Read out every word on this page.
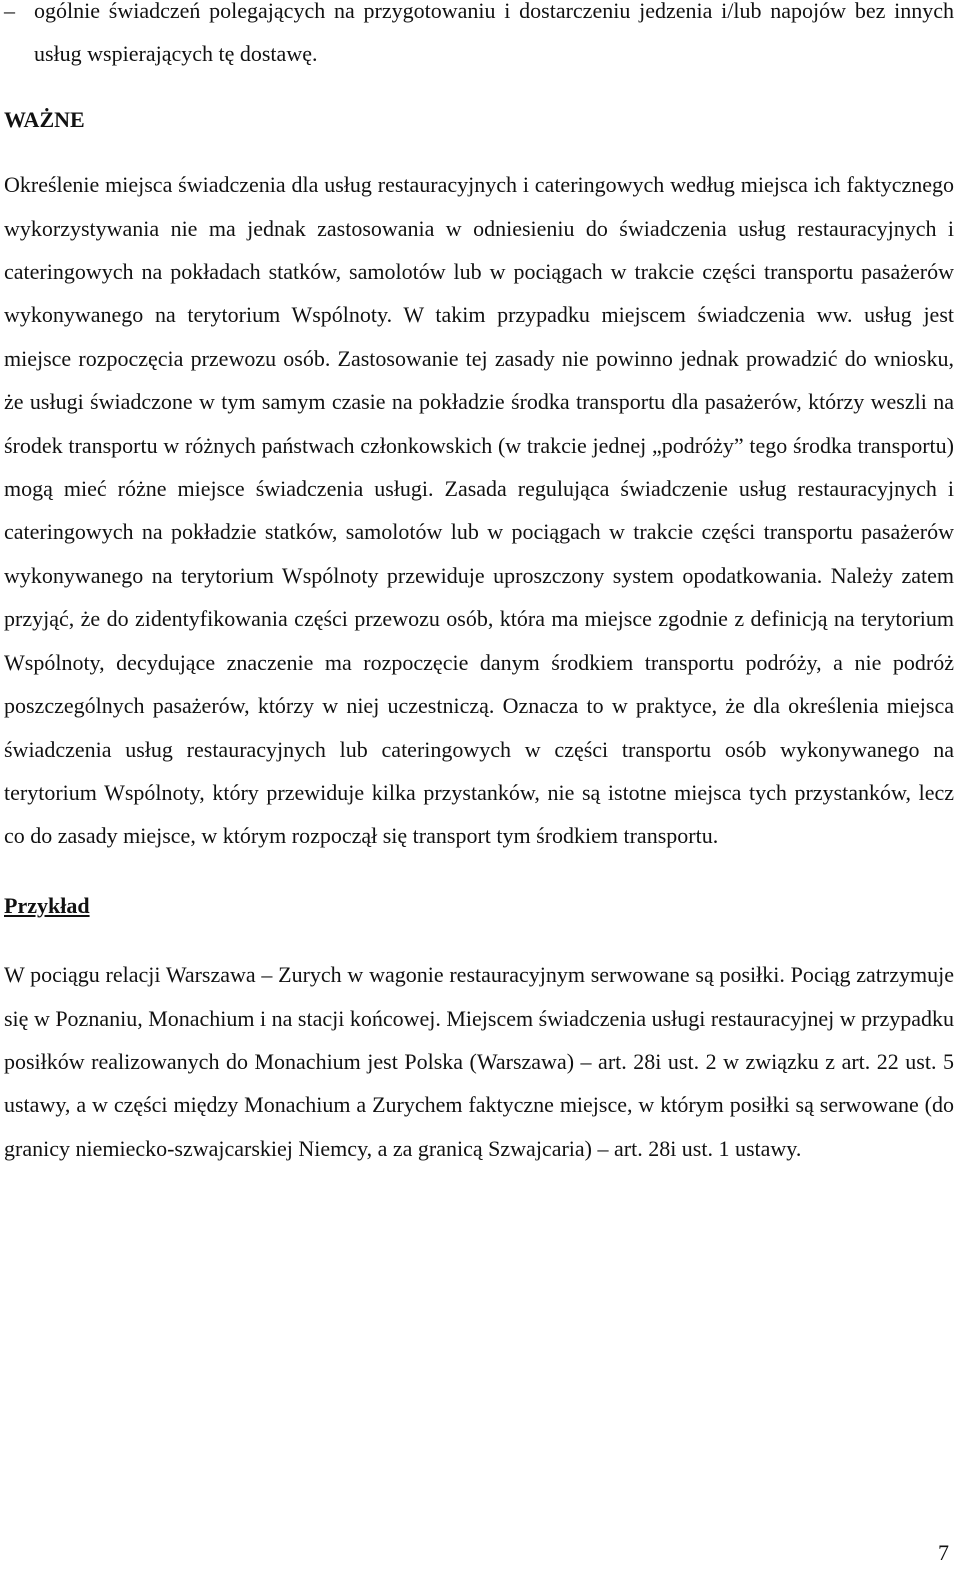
– ogólnie świadczeń polegających na przygotowaniu i dostarczeniu jedzenia i/lub napojów bez innych usług wspierających tę dostawę.

WAŻNE

Określenie miejsca świadczenia dla usług restauracyjnych i cateringowych według miejsca ich faktycznego wykorzystywania nie ma jednak zastosowania w odniesieniu do świadczenia usług restauracyjnych i cateringowych na pokładach statków, samolotów lub w pociągach w trakcie części transportu pasażerów wykonywanego na terytorium Wspólnoty. W takim przypadku miejscem świadczenia ww. usług jest miejsce rozpoczęcia przewozu osób. Zastosowanie tej zasady nie powinno jednak prowadzić do wniosku, że usługi świadczone w tym samym czasie na pokładzie środka transportu dla pasażerów, którzy weszli na środek transportu w różnych państwach członkowskich (w trakcie jednej „podróży” tego środka transportu) mogą mieć różne miejsce świadczenia usługi. Zasada regulująca świadczenie usług restauracyjnych i cateringowych na pokładzie statków, samolotów lub w pociągach w trakcie części transportu pasażerów wykonywanego na terytorium Wspólnoty przewiduje uproszczony system opodatkowania. Należy zatem przyjąć, że do zidentyfikowania części przewozu osób, która ma miejsce zgodnie z definicją na terytorium Wspólnoty, decydujące znaczenie ma rozpoczęcie danym środkiem transportu podróży, a nie podróż poszczególnych pasażerów, którzy w niej uczestniczą. Oznacza to w praktyce, że dla określenia miejsca świadczenia usług restauracyjnych lub cateringowych w części transportu osób wykonywanego na terytorium Wspólnoty, który przewiduje kilka przystanków, nie są istotne miejsca tych przystanków, lecz co do zasady miejsce, w którym rozpoczął się transport tym środkiem transportu.

Przykład

W pociągu relacji Warszawa – Zurych w wagonie restauracyjnym serwowane są posiłki. Pociąg zatrzymuje się w Poznaniu, Monachium i na stacji końcowej. Miejscem świadczenia usługi restauracyjnej w przypadku posiłków realizowanych do Monachium jest Polska (Warszawa) – art. 28i ust. 2 w związku z art. 22 ust. 5 ustawy, a w części między Monachium a Zurychem faktyczne miejsce, w którym posiłki są serwowane (do granicy niemiecko-szwajcarskiej Niemcy, a za granicą Szwajcaria) – art. 28i ust. 1 ustawy.

7
